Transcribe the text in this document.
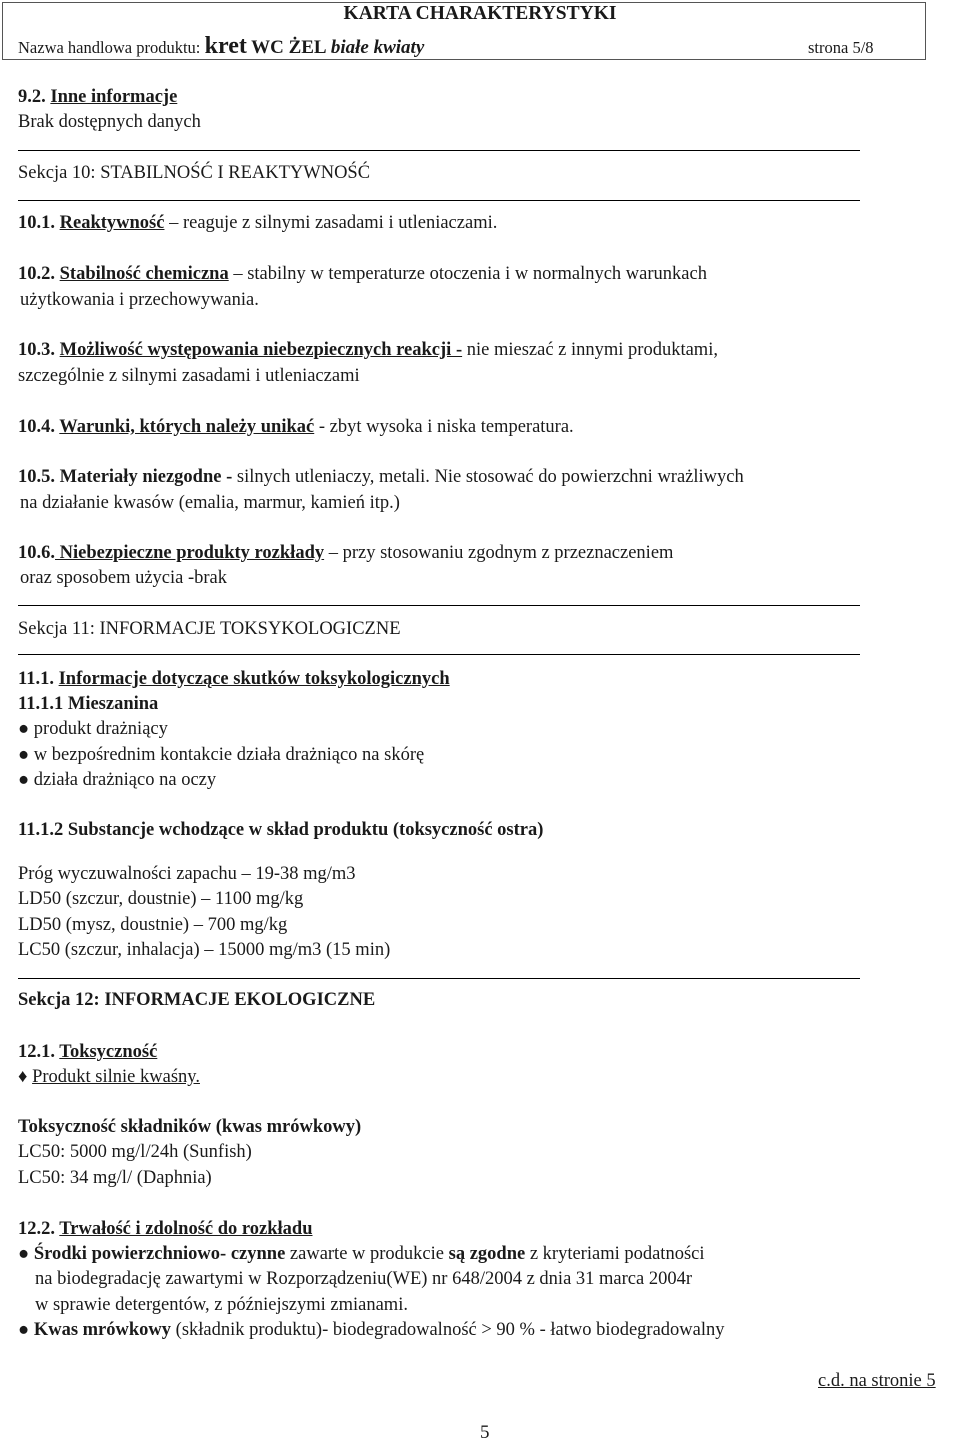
KARTA CHARAKTERYSTYKI
Nazwa handlowa produktu: kret WC ŻEL białe kwiaty	strona 5/8
9.2. Inne informacje
Brak dostępnych danych
Sekcja 10: STABILNOŚĆ I REAKTYWNOŚĆ
10.1. Reaktywność – reaguje z silnymi zasadami i utleniaczami.
10.2. Stabilność chemiczna – stabilny w temperaturze otoczenia i w normalnych warunkach
użytkowania i przechowywania.
10.3. Możliwość występowania niebezpiecznych reakcji - nie mieszać z innymi produktami,
szczególnie z silnymi zasadami i utleniaczami
10.4. Warunki, których należy unikać - zbyt wysoka i niska temperatura.
10.5. Materiały niezgodne - silnych utleniaczy, metali. Nie stosować do powierzchni wrażliwych
na działanie kwasów (emalia, marmur, kamień itp.)
10.6. Niebezpieczne produkty rozkłady – przy stosowaniu zgodnym z przeznaczeniem
oraz sposobem użycia -brak
Sekcja 11: INFORMACJE TOKSYKOLOGICZNE
11.1. Informacje dotyczące skutków toksykologicznych
11.1.1 Mieszanina
● produkt drażniący
● w bezpośrednim kontakcie działa drażniąco na skórę
● działa drażniąco na oczy
11.1.2 Substancje wchodzące w skład produktu (toksyczność ostra)
Próg wyczuwalności zapachu – 19-38 mg/m3
LD50 (szczur, doustnie) – 1100 mg/kg
LD50 (mysz, doustnie) – 700 mg/kg
LC50 (szczur, inhalacja) – 15000 mg/m3 (15 min)
Sekcja 12: INFORMACJE EKOLOGICZNE
12.1. Toksyczność
♦ Produkt silnie kwaśny.
Toksyczność składników (kwas mrówkowy)
LC50: 5000 mg/l/24h (Sunfish)
LC50: 34 mg/l/ (Daphnia)
12.2. Trwałość i zdolność do rozkładu
● Środki powierzchniowo- czynne zawarte w produkcie są zgodne z kryteriami podatności
na biodegradację zawartymi w Rozporządzeniu(WE) nr 648/2004 z dnia 31 marca 2004r
w sprawie detergentów, z późniejszymi zmianami.
● Kwas mrówkowy (składnik produktu)- biodegradowalność > 90 % - łatwo biodegradowalny
c.d. na stronie 5
5
